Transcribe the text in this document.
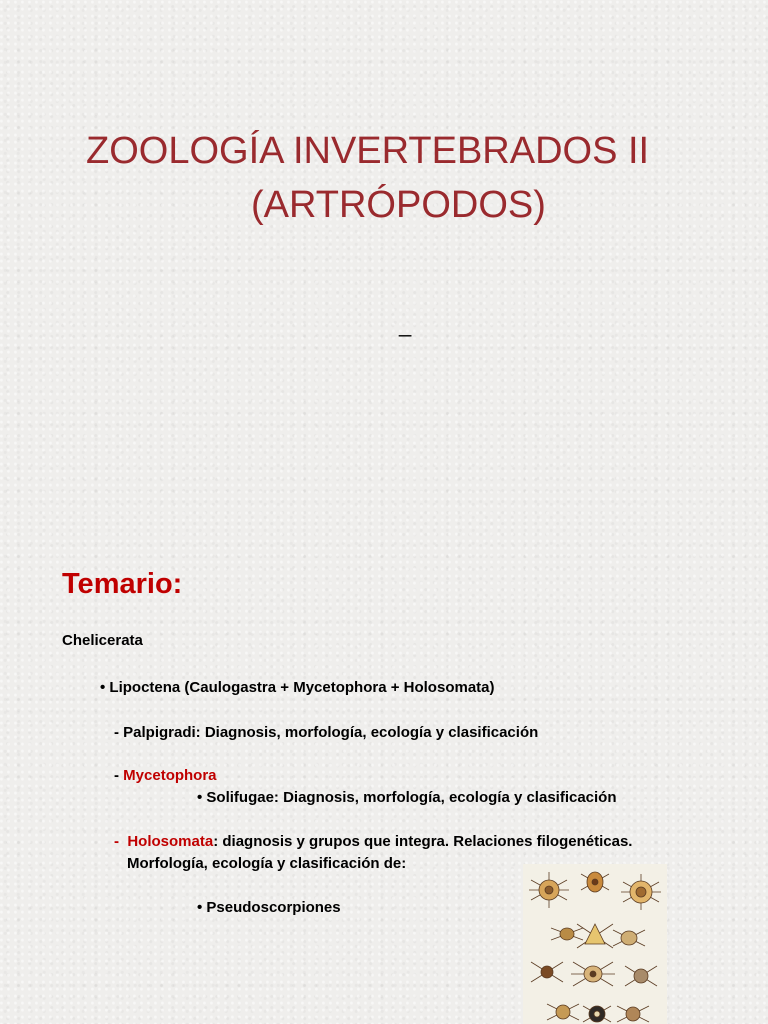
ZOOLOGÍA INVERTEBRADOS II
(ARTRÓPODOS)
_
Temario:
Chelicerata
• Lipoctena (Caulogastra + Mycetophora + Holosomata)
- Palpigradi: Diagnosis, morfología, ecología y clasificación
- Mycetophora
• Solifugae: Diagnosis, morfología, ecología y clasificación
-  Holosomata: diagnosis y grupos que integra. Relaciones filogenéticas.
Morfología, ecología y clasificación de:
• Pseudoscorpiones
